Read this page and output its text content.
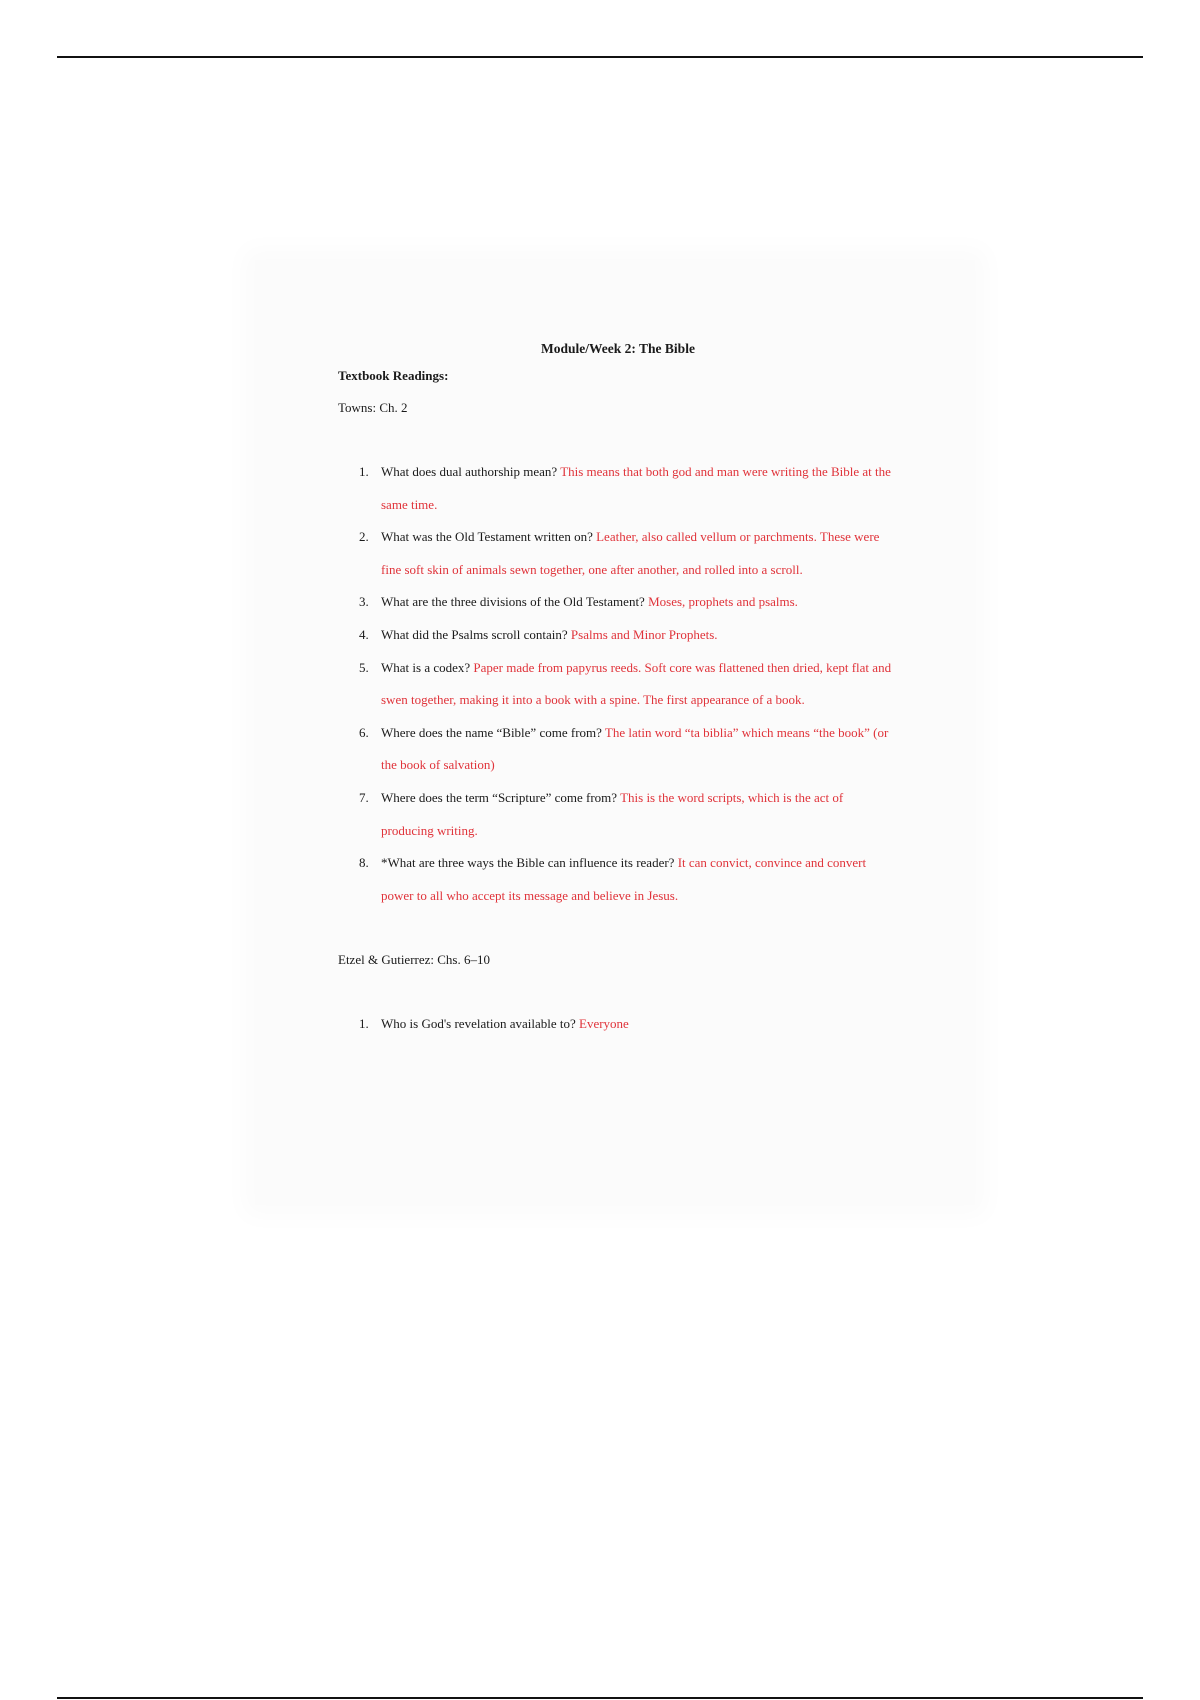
Module/Week 2: The Bible

Textbook Readings:

Towns: Ch. 2

1. What does dual authorship mean? This means that both god and man were writing the Bible at the same time.
2. What was the Old Testament written on? Leather, also called vellum or parchments. These were fine soft skin of animals sewn together, one after another, and rolled into a scroll.
3. What are the three divisions of the Old Testament? Moses, prophets and psalms.
4. What did the Psalms scroll contain? Psalms and Minor Prophets.
5. What is a codex? Paper made from papyrus reeds. Soft core was flattened then dried, kept flat and swen together, making it into a book with a spine. The first appearance of a book.
6. Where does the name “Bible” come from? The latin word “ta biblia” which means “the book” (or the book of salvation)
7. Where does the term “Scripture” come from? This is the word scripts, which is the act of producing writing.
8. *What are three ways the Bible can influence its reader? It can convict, convince and convert power to all who accept its message and believe in Jesus.

Etzel & Gutierrez: Chs. 6–10

1. Who is God's revelation available to? Everyone
